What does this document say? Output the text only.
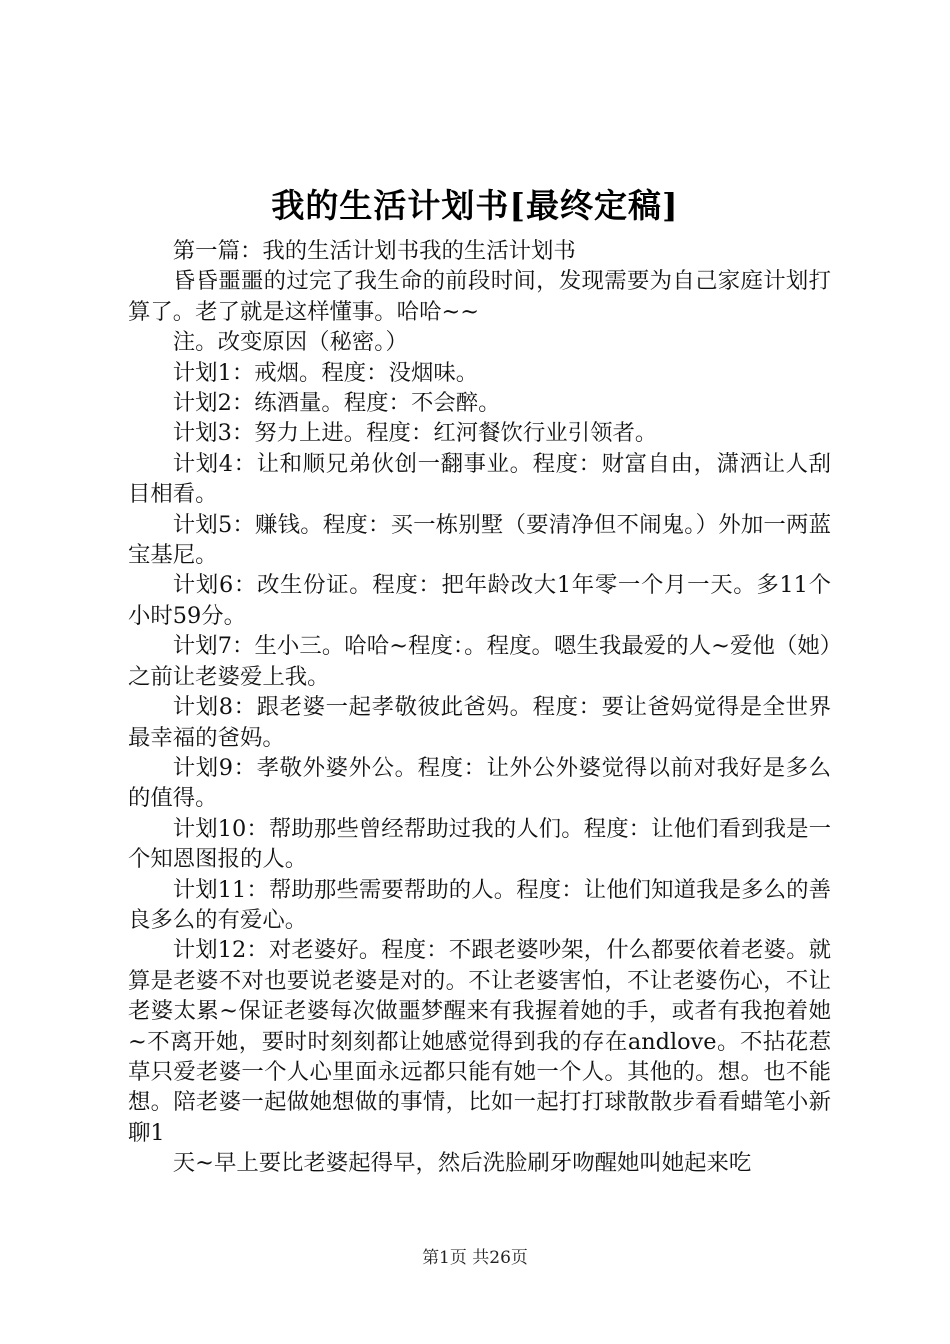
我的生活计划书[最终定稿]

第一篇：我的生活计划书我的生活计划书

昏昏噩噩的过完了我生命的前段时间，发现需要为自己家庭计划打算了。老了就是这样懂事。哈哈~~

注。改变原因（秘密。）

计划1：戒烟。程度：没烟味。

计划2：练酒量。程度：不会醉。

计划3：努力上进。程度：红河餐饮行业引领者。

计划4：让和顺兄弟伙创一翻事业。程度：财富自由，潇洒让人刮目相看。

计划5：赚钱。程度：买一栋别墅（要清净但不闹鬼。）外加一两蓝宝基尼。

计划6：改生份证。程度：把年龄改大1年零一个月一天。多11个小时59分。

计划7：生小三。哈哈~程度：。程度。嗯生我最爱的人~爱他（她）之前让老婆爱上我。

计划8：跟老婆一起孝敬彼此爸妈。程度：要让爸妈觉得是全世界最幸福的爸妈。

计划9：孝敬外婆外公。程度：让外公外婆觉得以前对我好是多么的值得。

计划10：帮助那些曾经帮助过我的人们。程度：让他们看到我是一个知恩图报的人。

计划11：帮助那些需要帮助的人。程度：让他们知道我是多么的善良多么的有爱心。

计划12：对老婆好。程度：不跟老婆吵架，什么都要依着老婆。就算是老婆不对也要说老婆是对的。不让老婆害怕，不让老婆伤心，不让老婆太累~保证老婆每次做噩梦醒来有我握着她的手，或者有我抱着她~不离开她，要时时刻刻都让她感觉得到我的存在andlove。不拈花惹草只爱老婆一个人心里面永远都只能有她一个人。其他的。想。也不能想。陪老婆一起做她想做的事情，比如一起打打球散散步看看蜡笔小新聊1

天~早上要比老婆起得早，然后洗脸刷牙吻醒她叫她起来吃

第1页 共26页
